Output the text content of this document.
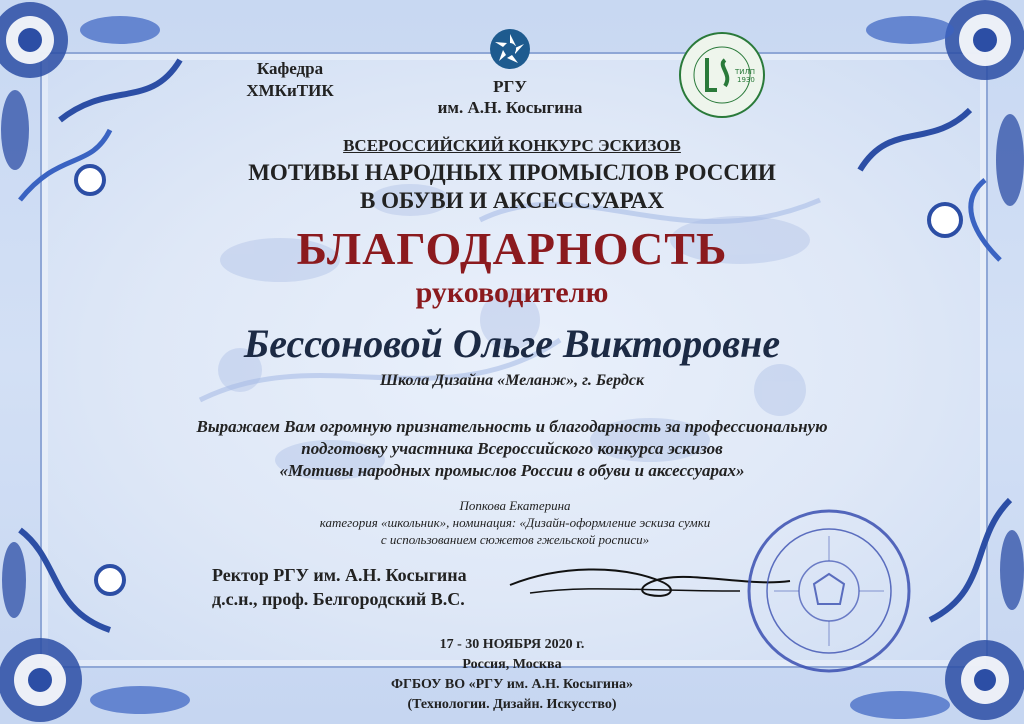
Кафедра
ХМКиТИК	РГУ
им. А.Н. Косыгина
ТИЛП
1930
ВСЕРОССИЙСКИЙ КОНКУРС ЭСКИЗОВ
МОТИВЫ НАРОДНЫХ ПРОМЫСЛОВ РОССИИ
В ОБУВИ И АКСЕССУАРАХ
БЛАГОДАРНОСТЬ
руководителю
Бессоновой Ольге Викторовне
Школа Дизайна «Меланж», г. Бердск
Выражаем Вам огромную признательность и благодарность за профессиональную
подготовку участника Всероссийского конкурса эскизов
«Мотивы народных промыслов России в обуви и аксессуарах»
Попкова Екатерина
категория «школьник», номинация: «Дизайн-оформление эскиза сумки
с использованием сюжетов гжельской росписи»
Ректор РГУ им. А.Н. Косыгина
д.с.н., проф. Белгородский В.С.
17 - 30 НОЯБРЯ 2020 г.
Россия, Москва
ФГБОУ ВО «РГУ им. А.Н. Косыгина»
(Технологии. Дизайн. Искусство)
